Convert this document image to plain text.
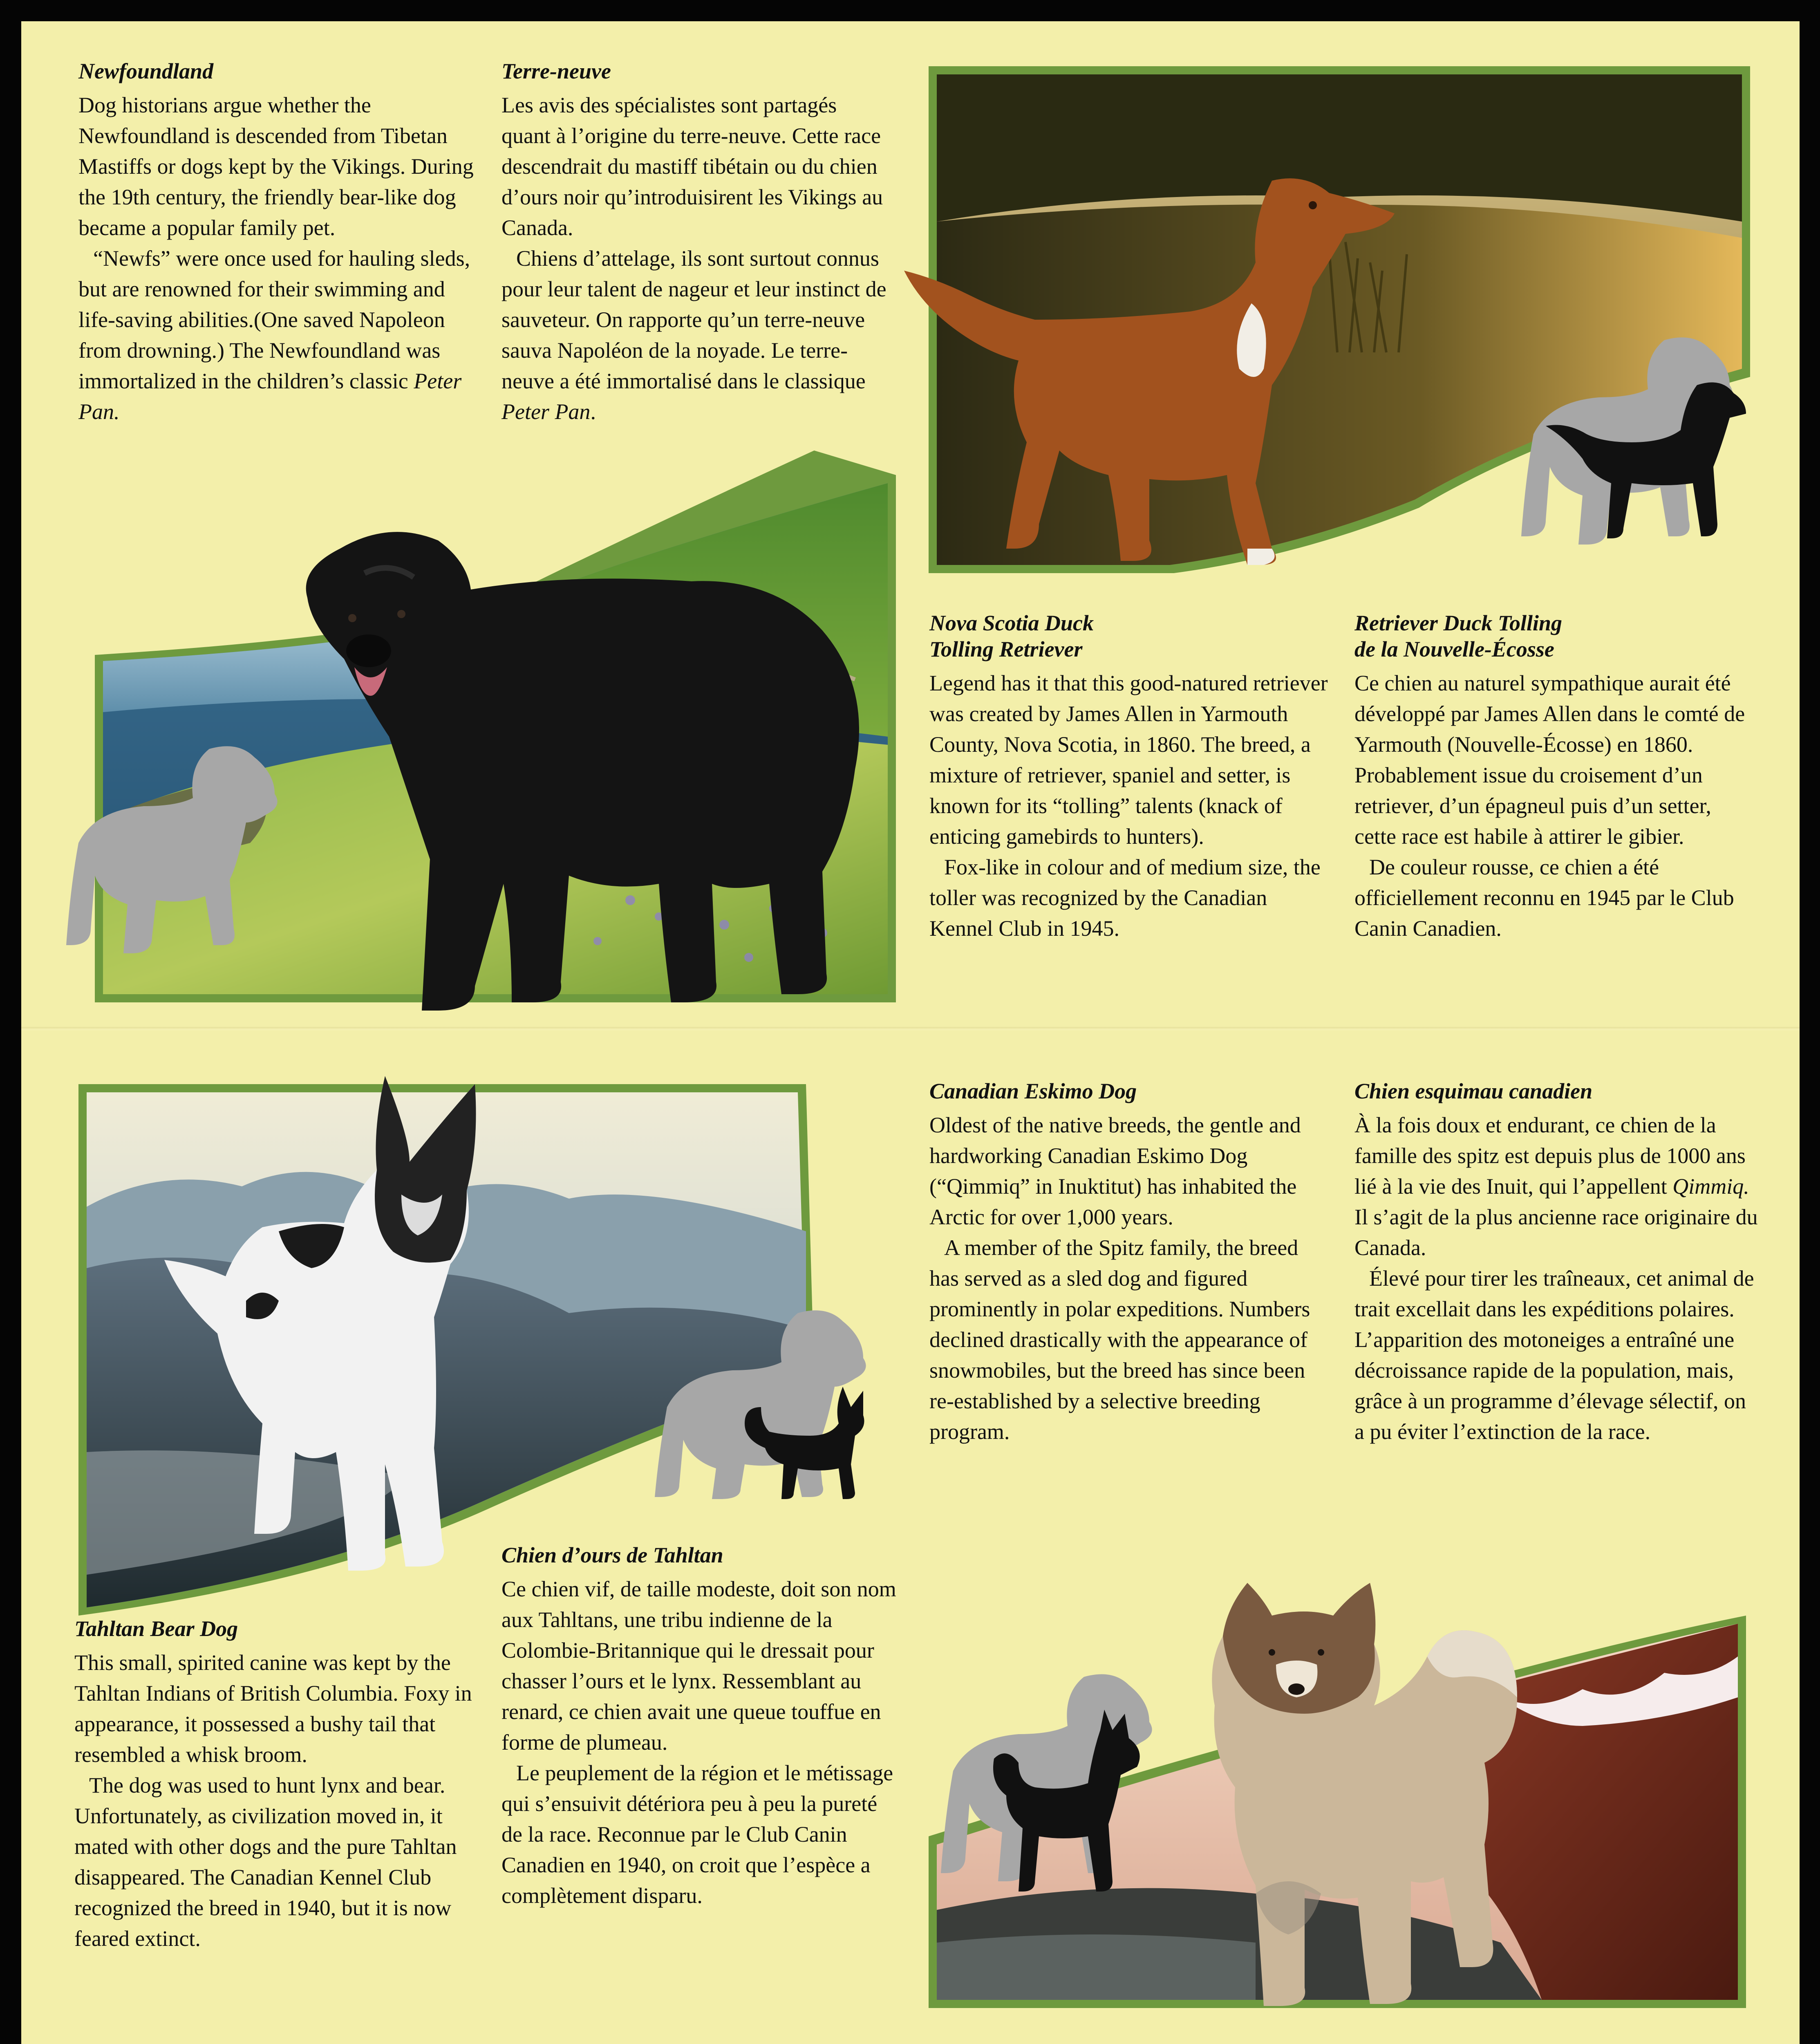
Newfoundland

Dog historians argue whether the Newfoundland is descended from Tibetan Mastiffs or dogs kept by the Vikings. During the 19th century, the friendly bear-like dog became a popular family pet.

“Newfs” were once used for hauling sleds, but are renowned for their swimming and life-saving abilities.(One saved Napoleon from drowning.) The Newfoundland was immortalized in the children’s classic Peter Pan.

Terre-neuve

Les avis des spécialistes sont partagés quant à l’origine du terre-neuve. Cette race descendrait du mastiff tibétain ou du chien d’ours noir qu’introduisirent les Vikings au Canada.

Chiens d’attelage, ils sont surtout connus pour leur talent de nageur et leur instinct de sauveteur. On rapporte qu’un terre-neuve sauva Napoléon de la noyade. Le terre-neuve a été immortalisé dans le classique Peter Pan.

Nova Scotia Duck
Tolling Retriever

Legend has it that this good-natured retriever was created by James Allen in Yarmouth County, Nova Scotia, in 1860. The breed, a mixture of retriever, spaniel and setter, is known for its “tolling” talents (knack of enticing gamebirds to hunters).

Fox-like in colour and of medium size, the toller was recognized by the Canadian Kennel Club in 1945.

Retriever Duck Tolling
de la Nouvelle-Écosse

Ce chien au naturel sympathique aurait été développé par James Allen dans le comté de Yarmouth (Nouvelle-Écosse) en 1860. Probablement issue du croisement d’un retriever, d’un épagneul puis d’un setter, cette race est habile à attirer le gibier.

De couleur rousse, ce chien a été officiellement reconnu en 1945 par le Club Canin Canadien.

Tahltan Bear Dog

This small, spirited canine was kept by the Tahltan Indians of British Columbia. Foxy in appearance, it possessed a bushy tail that resembled a whisk broom.

The dog was used to hunt lynx and bear. Unfortunately, as civilization moved in, it mated with other dogs and the pure Tahltan disappeared. The Canadian Kennel Club recognized the breed in 1940, but it is now feared extinct.

Chien d’ours de Tahltan

Ce chien vif, de taille modeste, doit son nom aux Tahltans, une tribu indienne de la Colombie-Britannique qui le dressait pour chasser l’ours et le lynx. Ressemblant au renard, ce chien avait une queue touffue en forme de plumeau.

Le peuplement de la région et le métissage qui s’ensuivit détériora peu à peu la pureté de la race. Reconnue par le Club Canin Canadien en 1940, on croit que l’espèce a complètement disparu.

Canadian Eskimo Dog

Oldest of the native breeds, the gentle and hardworking Canadian Eskimo Dog (“Qimmiq” in Inuktitut) has inhabited the Arctic for over 1,000 years.

A member of the Spitz family, the breed has served as a sled dog and figured prominently in polar expeditions. Numbers declined drastically with the appearance of snowmobiles, but the breed has since been re-established by a selective breeding program.

Chien esquimau canadien

À la fois doux et endurant, ce chien de la famille des spitz est depuis plus de 1000 ans lié à la vie des Inuit, qui l’appellent Qimmiq. Il s’agit de la plus ancienne race originaire du Canada.

Élevé pour tirer les traîneaux, cet animal de trait excellait dans les expéditions polaires. L’apparition des motoneiges a entraîné une décroissance rapide de la population, mais, grâce à un programme d’élevage sélectif, on a pu éviter l’extinction de la race.
